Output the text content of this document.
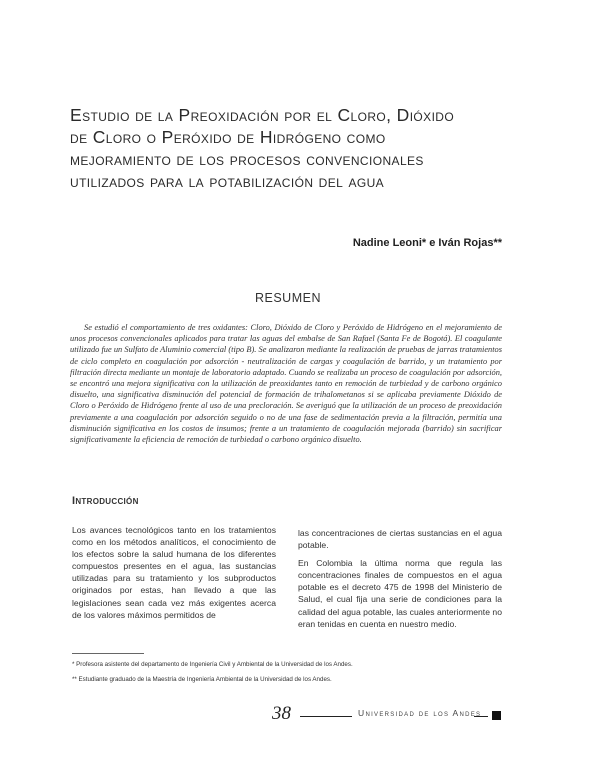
Estudio de la Preoxidación por el Cloro, Dióxido
de Cloro o Peróxido de Hidrógeno como
mejoramiento de los procesos convencionales
utilizados para la potabilización del agua
Nadine Leoni* e Iván Rojas**
RESUMEN

Se estudió el comportamiento de tres oxidantes: Cloro, Dióxido de Cloro y Peróxido de Hidrógeno en el mejoramiento de unos procesos convencionales aplicados para tratar las aguas del embalse de San Rafael (Santa Fe de Bogotá). El coagulante utilizado fue un Sulfato de Aluminio comercial (tipo B). Se analizaron mediante la realización de pruebas de jarras tratamientos de ciclo completo en coagulación por adsorción - neutralización de cargas y coagulación de barrido, y un tratamiento por filtración directa mediante un montaje de laboratorio adaptado. Cuando se realizaba un proceso de coagulación por adsorción, se encontró una mejora significativa con la utilización de preoxidantes tanto en remoción de turbiedad y de carbono orgánico disuelto, una significativa disminución del potencial de formación de trihalometanos si se aplicaba previamente Dióxido de Cloro o Peróxido de Hidrógeno frente al uso de una precloración. Se averiguó que la utilización de un proceso de preoxidación previamente a una coagulación por adsorción seguido o no de una fase de sedimentación previa a la filtración, permitía una disminución significativa en los costos de insumos; frente a un tratamiento de coagulación mejorada (barrido) sin sacrificar significativamente la eficiencia de remoción de turbiedad o carbono orgánico disuelto.

Introducción

Los avances tecnológicos tanto en los tratamientos como en los métodos analíticos, el conocimiento de los efectos sobre la salud humana de los diferentes compuestos presentes en el agua, las sustancias utilizadas para su tratamiento y los subproductos originados por estas, han llevado a que las legislaciones sean cada vez más exigentes acerca de los valores máximos permitidos de

las concentraciones de ciertas sustancias en el agua potable.

En Colombia la última norma que regula las concentraciones finales de compuestos en el agua potable es el decreto 475 de 1998 del Ministerio de Salud, el cual fija una serie de condiciones para la calidad del agua potable, las cuales anteriormente no eran tenidas en cuenta en nuestro medio.

* Profesora asistente del departamento de Ingeniería Civil y Ambiental de la Universidad de los Andes.
** Estudiante graduado de la Maestría de Ingeniería Ambiental de la Universidad de los Andes.
38	Universidad de los Andes
